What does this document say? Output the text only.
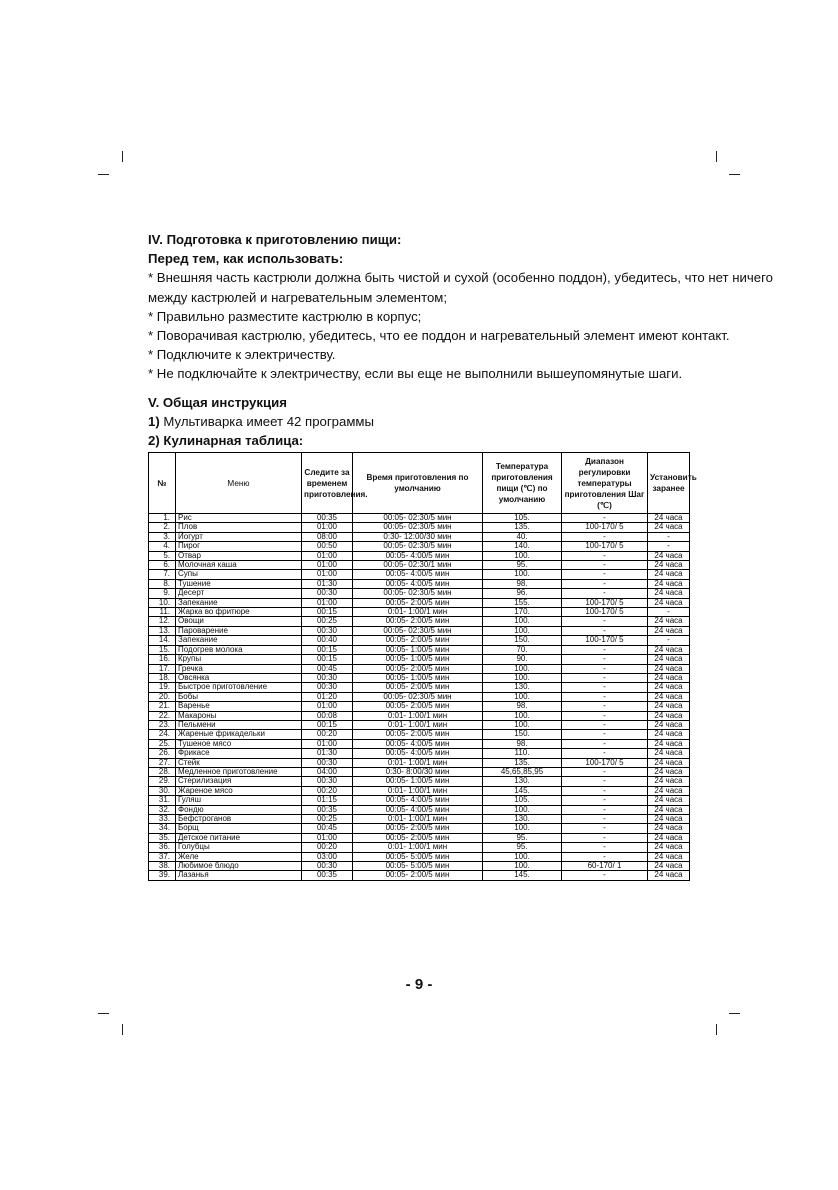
IV. Подготовка к приготовлению пищи:
Перед тем, как использовать:
* Внешняя часть кастрюли должна быть чистой и сухой (особенно поддон), убедитесь, что нет ничего
между кастрюлей и нагревательным элементом;
* Правильно разместите кастрюлю в корпус;
* Поворачивая кастрюлю, убедитесь, что ее поддон и нагревательный элемент имеют контакт.
* Подключите к электричеству.
* Не подключайте к электричеству, если вы еще не выполнили вышеупомянутые шаги.
V. Общая инструкция
1) Мультиварка имеет 42 программы
2) Кулинарная таблица:
№	Меню	Следите за временем приготовления.	Время приготовления по умолчанию	Температура приготовления пищи (℃) по умолчанию	Диапазон регулировки температуры приготовления Шаг (℃)	Установить заранее
1.	Рис	00:35	00:05- 02:30/5 мин	105.	-	24 часа
2.	Плов	01:00	00:05- 02:30/5 мин	135.	100-170/ 5	24 часа
3.	Йогурт	08:00	0:30- 12:00/30 мин	40.	-	-
4.	Пирог	00:50	00:05- 02:30/5 мин	140.	100-170/ 5	-
5.	Отвар	01:00	00:05- 4:00/5 мин	100.	-	24 часа
6.	Молочная каша	01:00	00:05- 02:30/1 мин	95.	-	24 часа
7.	Супы	01:00	00:05- 4:00/5 мин	100.	-	24 часа
8.	Тушение	01:30	00:05- 4:00/5 мин	98.	-	24 часа
9.	Десерт	00:30	00:05- 02:30/5 мин	96.	-	24 часа
10.	Запекание	01:00	00:05- 2:00/5 мин	155.	100-170/ 5	24 часа
11.	Жарка во фритюре	00:15	0:01- 1:00/1 мин	170.	100-170/ 5	-
12.	Овощи	00:25	00:05- 2:00/5 мин	100.	-	24 часа
13.	Пароварение	00:30	00:05- 02:30/5 мин	100.	-	24 часа
14.	Запекание	00:40	00:05- 2:00/5 мин	150.	100-170/ 5	-
15.	Подогрев молока	00:15	00:05- 1:00/5 мин	70.	-	24 часа
16.	Крупы	00:15	00:05- 1:00/5 мин	90.	-	24 часа
17.	Гречка	00:45	00:05- 2:00/5 мин	100.	-	24 часа
18.	Овсянка	00:30	00:05- 1:00/5 мин	100.	-	24 часа
19.	Быстрое приготовление	00:30	00:05- 2:00/5 мин	130.	-	24 часа
20.	Бобы	01:20	00:05- 02:30/5 мин	100.	-	24 часа
21.	Варенье	01:00	00:05- 2:00/5 мин	98.	-	24 часа
22.	Макароны	00:08	0:01- 1:00/1 мин	100.	-	24 часа
23.	Пельмени	00:15	0:01- 1:00/1 мин	100.	-	24 часа
24.	Жареные фрикадельки	00:20	00:05- 2:00/5 мин	150.	-	24 часа
25.	Тушеное мясо	01:00	00:05- 4:00/5 мин	98.	-	24 часа
26.	Фрикасе	01:30	00:05- 4:00/5 мин	110.	-	24 часа
27.	Стейк	00:30	0:01- 1:00/1 мин	135.	100-170/ 5	24 часа
28.	Медленное приготовление	04:00	0:30- 8:00/30 мин	45,65,85,95	-	24 часа
29.	Стерилизация	00:30	00:05- 1:00/5 мин	130.	-	24 часа
30.	Жареное мясо	00:20	0:01- 1:00/1 мин	145.	-	24 часа
31.	Гуляш	01:15	00:05- 4:00/5 мин	105.	-	24 часа
32.	Фондю	00:35	00:05- 4:00/5 мин	100.	-	24 часа
33.	Бефстроганов	00:25	0:01- 1:00/1 мин	130.	-	24 часа
34.	Борщ	00:45	00:05- 2:00/5 мин	100.	-	24 часа
35.	Детское питание	01:00	00:05- 2:00/5 мин	95.	-	24 часа
36.	Голубцы	00:20	0:01- 1:00/1 мин	95.	-	24 часа
37.	Желе	03:00	00:05- 5:00/5 мин	100.	-	24 часа
38.	Любимое блюдо	00:30	00:05- 5:00/5 мин	100.	60-170/ 1	24 часа
39.	Лазанья	00:35	00:05- 2:00/5 мин	145.	-	24 часа
- 9 -
